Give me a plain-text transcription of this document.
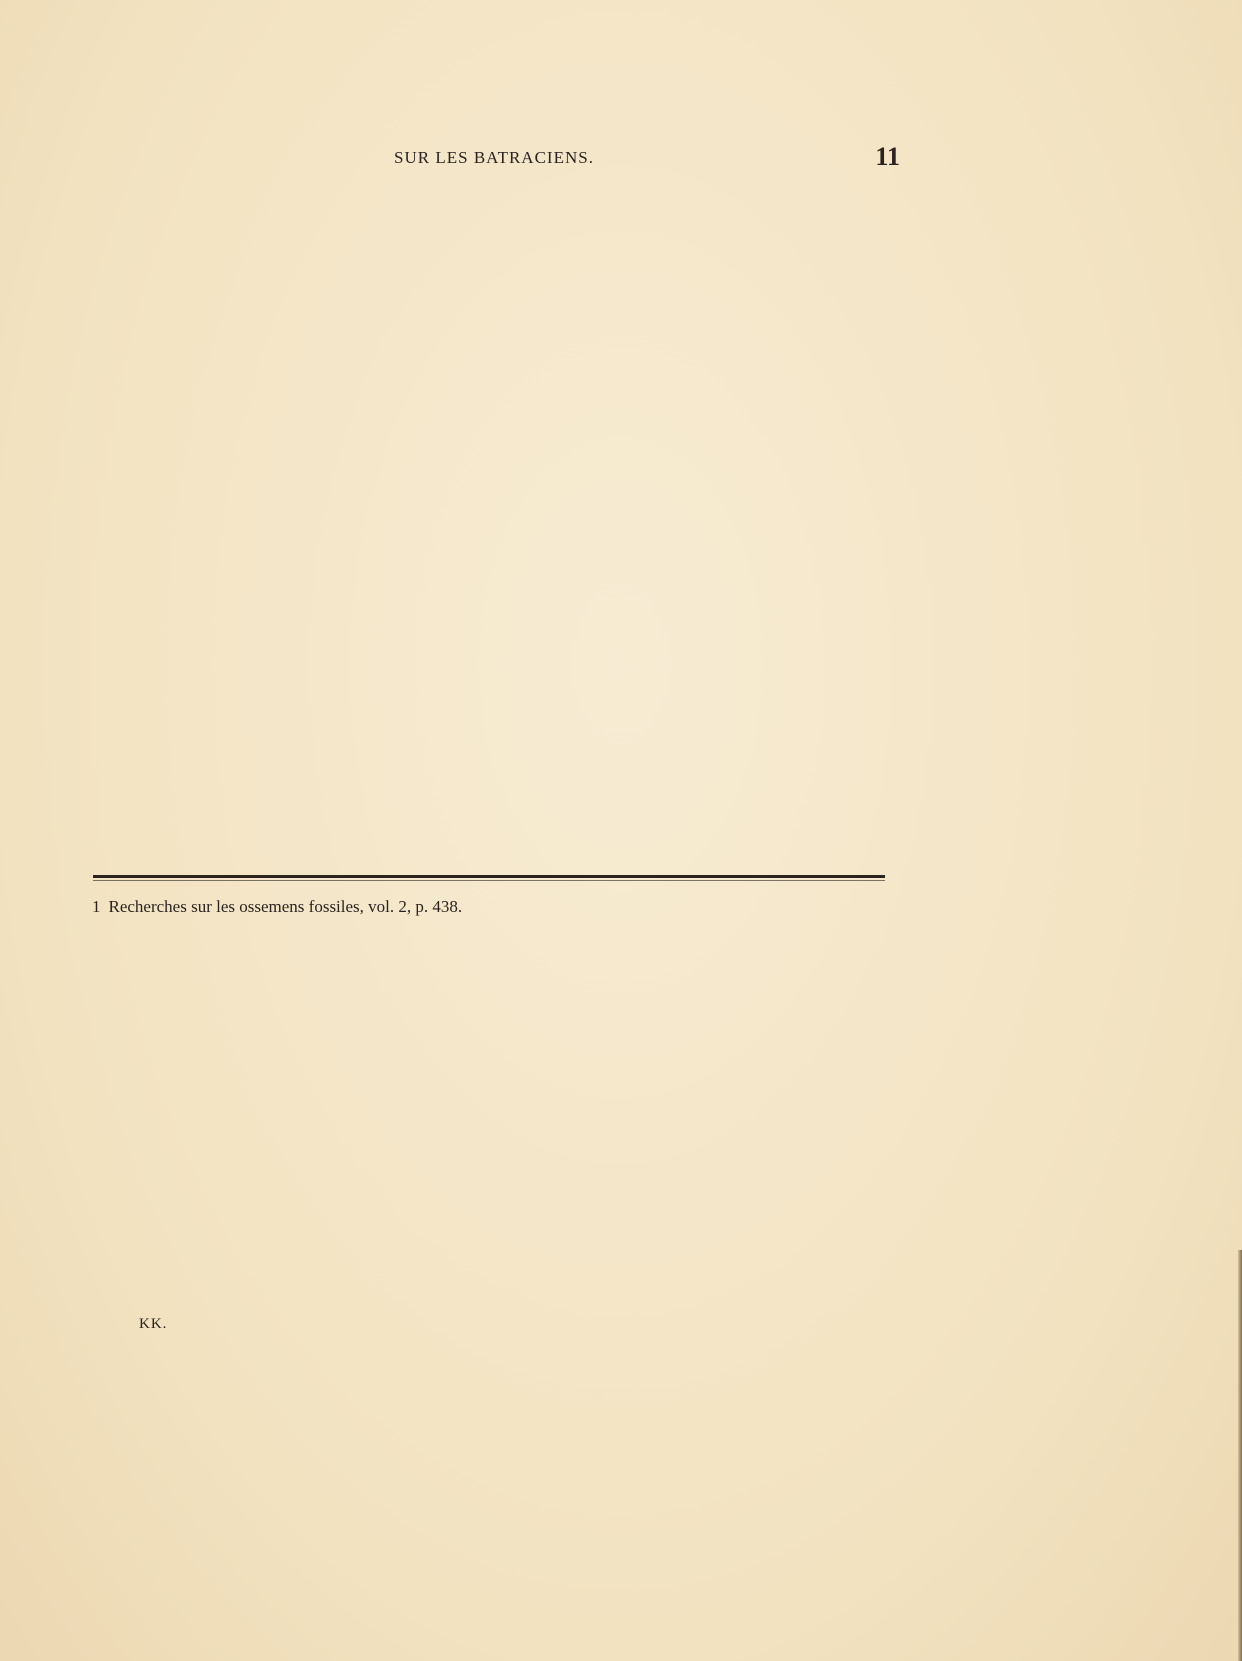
SUR LES BATRACIENS.	11
1 Recherches sur les ossemens fossiles, vol. 2, p. 438.
KK.
